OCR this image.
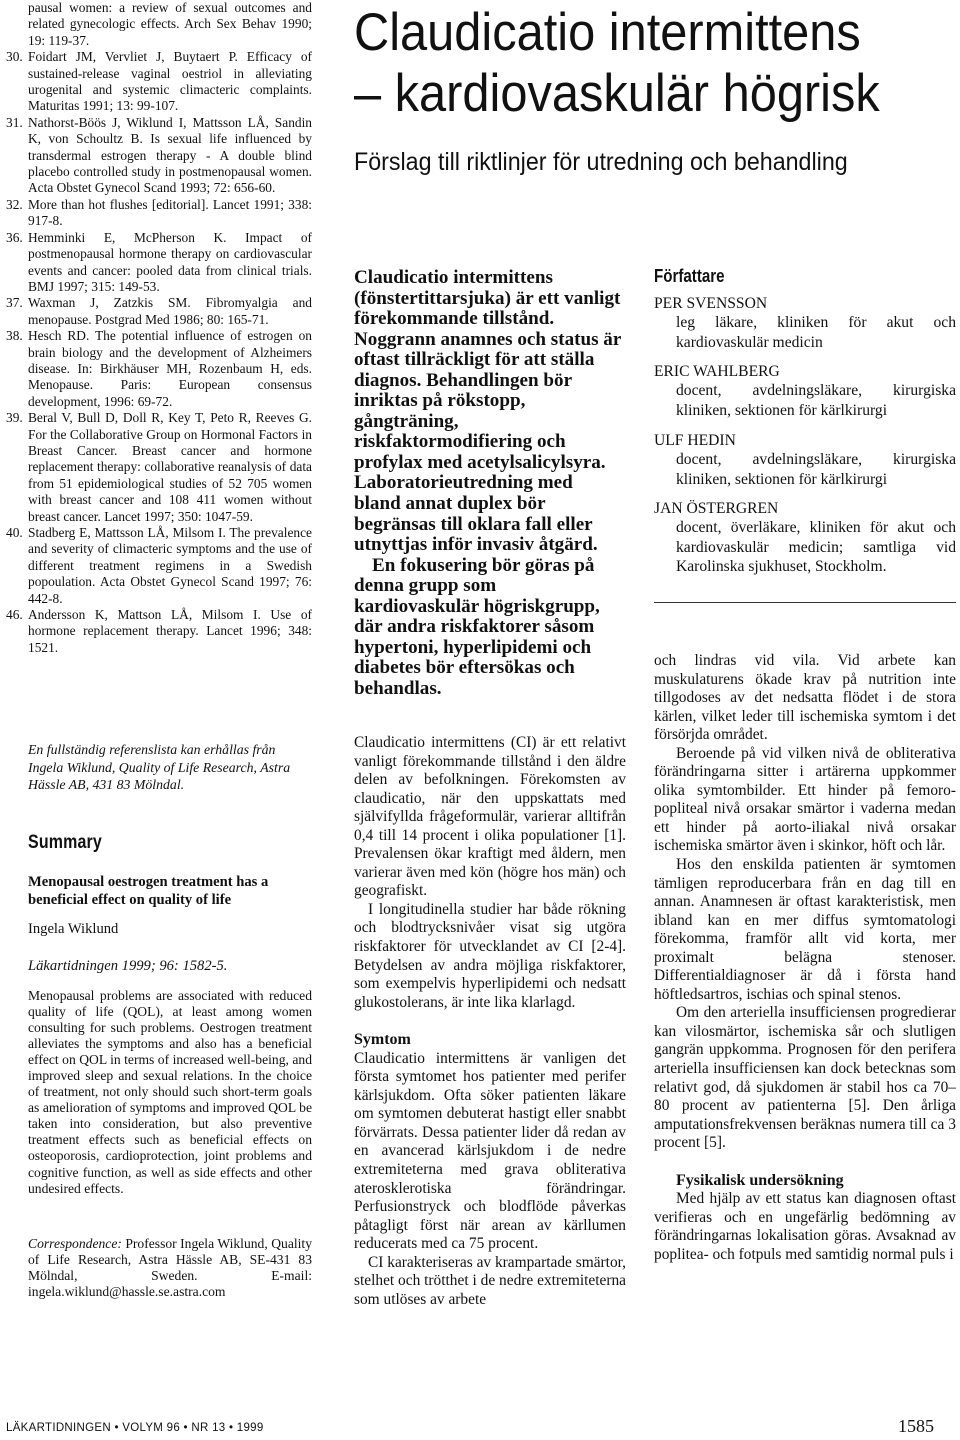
pausal women: a review of sexual outcomes and related gynecologic effects. Arch Sex Behav 1990; 19: 119-37.
30. Foidart JM, Vervliet J, Buytaert P. Efficacy of sustained-release vaginal oestriol in alleviating urogenital and systemic climacteric complaints. Maturitas 1991; 13: 99-107.
31. Nathorst-Böös J, Wiklund I, Mattsson LÅ, Sandin K, von Schoultz B. Is sexual life influenced by transdermal estrogen therapy - A double blind placebo controlled study in postmenopausal women. Acta Obstet Gynecol Scand 1993; 72: 656-60.
32. More than hot flushes [editorial]. Lancet 1991; 338: 917-8.
36. Hemminki E, McPherson K. Impact of postmenopausal hormone therapy on cardiovascular events and cancer: pooled data from clinical trials. BMJ 1997; 315: 149-53.
37. Waxman J, Zatzkis SM. Fibromyalgia and menopause. Postgrad Med 1986; 80: 165-71.
38. Hesch RD. The potential influence of estrogen on brain biology and the development of Alzheimers disease. In: Birkhäuser MH, Rozenbaum H, eds. Menopause. Paris: European consensus development, 1996: 69-72.
39. Beral V, Bull D, Doll R, Key T, Peto R, Reeves G. For the Collaborative Group on Hormonal Factors in Breast Cancer. Breast cancer and hormone replacement therapy: collaborative reanalysis of data from 51 epidemiological studies of 52 705 women with breast cancer and 108 411 women without breast cancer. Lancet 1997; 350: 1047-59.
40. Stadberg E, Mattsson LÅ, Milsom I. The prevalence and severity of climacteric symptoms and the use of different treatment regimens in a Swedish popoulation. Acta Obstet Gynecol Scand 1997; 76: 442-8.
46. Andersson K, Mattson LÅ, Milsom I. Use of hormone replacement therapy. Lancet 1996; 348: 1521.

En fullständig referenslista kan erhållas från Ingela Wiklund, Quality of Life Research, Astra Hässle AB, 431 83 Mölndal.

Summary

Menopausal oestrogen treatment has a beneficial effect on quality of life

Ingela Wiklund

Läkartidningen 1999; 96: 1582-5.

Menopausal problems are associated with reduced quality of life (QOL), at least among women consulting for such problems. Oestrogen treatment alleviates the symptoms and also has a beneficial effect on QOL in terms of increased well-being, and improved sleep and sexual relations. In the choice of treatment, not only should such short-term goals as amelioration of symptoms and improved QOL be taken into consideration, but also preventive treatment effects such as beneficial effects on osteoporosis, cardioprotection, joint problems and cognitive function, as well as side effects and other undesired effects.

Correspondence: Professor Ingela Wiklund, Quality of Life Research, Astra Hässle AB, SE-431 83 Mölndal, Sweden. E-mail: ingela.wiklund@hassle.se.astra.com

Claudicatio intermittens
– kardiovaskulär högrisk
Förslag till riktlinjer för utredning och behandling

Claudicatio intermittens (fönstertittarsjuka) är ett vanligt förekommande tillstånd. Noggrann anamnes och status är oftast tillräckligt för att ställa diagnos. Behandlingen bör inriktas på rökstopp, gångträning, riskfaktormodifiering och profylax med acetylsalicylsyra. Laboratorieutredning med bland annat duplex bör begränsas till oklara fall eller utnyttjas inför invasiv åtgärd.

En fokusering bör göras på denna grupp som kardiovaskulär högriskgrupp, där andra riskfaktorer såsom hypertoni, hyperlipidemi och diabetes bör eftersökas och behandlas.

Författare
PER SVENSSON
leg läkare, kliniken för akut och kardiovaskulär medicin
ERIC WAHLBERG
docent, avdelningsläkare, kirurgiska kliniken, sektionen för kärlkirurgi
ULF HEDIN
docent, avdelningsläkare, kirurgiska kliniken, sektionen för kärlkirurgi
JAN ÖSTERGREN
docent, överläkare, kliniken för akut och kardiovaskulär medicin; samtliga vid Karolinska sjukhuset, Stockholm.

Claudicatio intermittens (CI) är ett relativt vanligt förekommande tillstånd i den äldre delen av befolkningen. Förekomsten av claudicatio, när den uppskattats med självifyllda frågeformulär, varierar alltifrån 0,4 till 14 procent i olika populationer [1]. Prevalensen ökar kraftigt med åldern, men varierar även med kön (högre hos män) och geografiskt.

I longitudinella studier har både rökning och blodtrycksnivåer visat sig utgöra riskfaktorer för utvecklandet av CI [2-4]. Betydelsen av andra möjliga riskfaktorer, som exempelvis hyperlipidemi och nedsatt glukostolerans, är inte lika klarlagd.

Symtom

Claudicatio intermittens är vanligen det första symtomet hos patienter med perifer kärlsjukdom. Ofta söker patienten läkare om symtomen debuterat hastigt eller snabbt förvärrats. Dessa patienter lider då redan av en avancerad kärlsjukdom i de nedre extremiteterna med grava obliterativa aterosklerotiska förändringar. Perfusionstryck och blodflöde påverkas påtagligt först när arean av kärllumen reducerats med ca 75 procent.

CI karakteriseras av krampartade smärtor, stelhet och trötthet i de nedre extremiteterna som utlöses av arbete

och lindras vid vila. Vid arbete kan muskulaturens ökade krav på nutrition inte tillgodoses av det nedsatta flödet i de stora kärlen, vilket leder till ischemiska symtom i det försörjda området.

Beroende på vid vilken nivå de obliterativa förändringarna sitter i artärerna uppkommer olika symtombilder. Ett hinder på femoro-popliteal nivå orsakar smärtor i vaderna medan ett hinder på aorto-iliakal nivå orsakar ischemiska smärtor även i skinkor, höft och lår.

Hos den enskilda patienten är symtomen tämligen reproducerbara från en dag till en annan. Anamnesen är oftast karakteristisk, men ibland kan en mer diffus symtomatologi förekomma, framför allt vid korta, mer proximalt belägna stenoser. Differentialdiagnoser är då i första hand höftledsartros, ischias och spinal stenos.

Om den arteriella insufficiensen progredierar kan vilosmärtor, ischemiska sår och slutligen gangrän uppkomma. Prognosen för den perifera arteriella insufficiensen kan dock betecknas som relativt god, då sjukdomen är stabil hos ca 70–80 procent av patienterna [5]. Den årliga amputationsfrekvensen beräknas numera till ca 3 procent [5].

Fysikalisk undersökning

Med hjälp av ett status kan diagnosen oftast verifieras och en ungefärlig bedömning av förändringarnas lokalisation göras. Avsaknad av poplitea- och fotpuls med samtidig normal puls i

LÄKARTIDNINGEN • VOLYM 96 • NR 13 • 1999	1585
